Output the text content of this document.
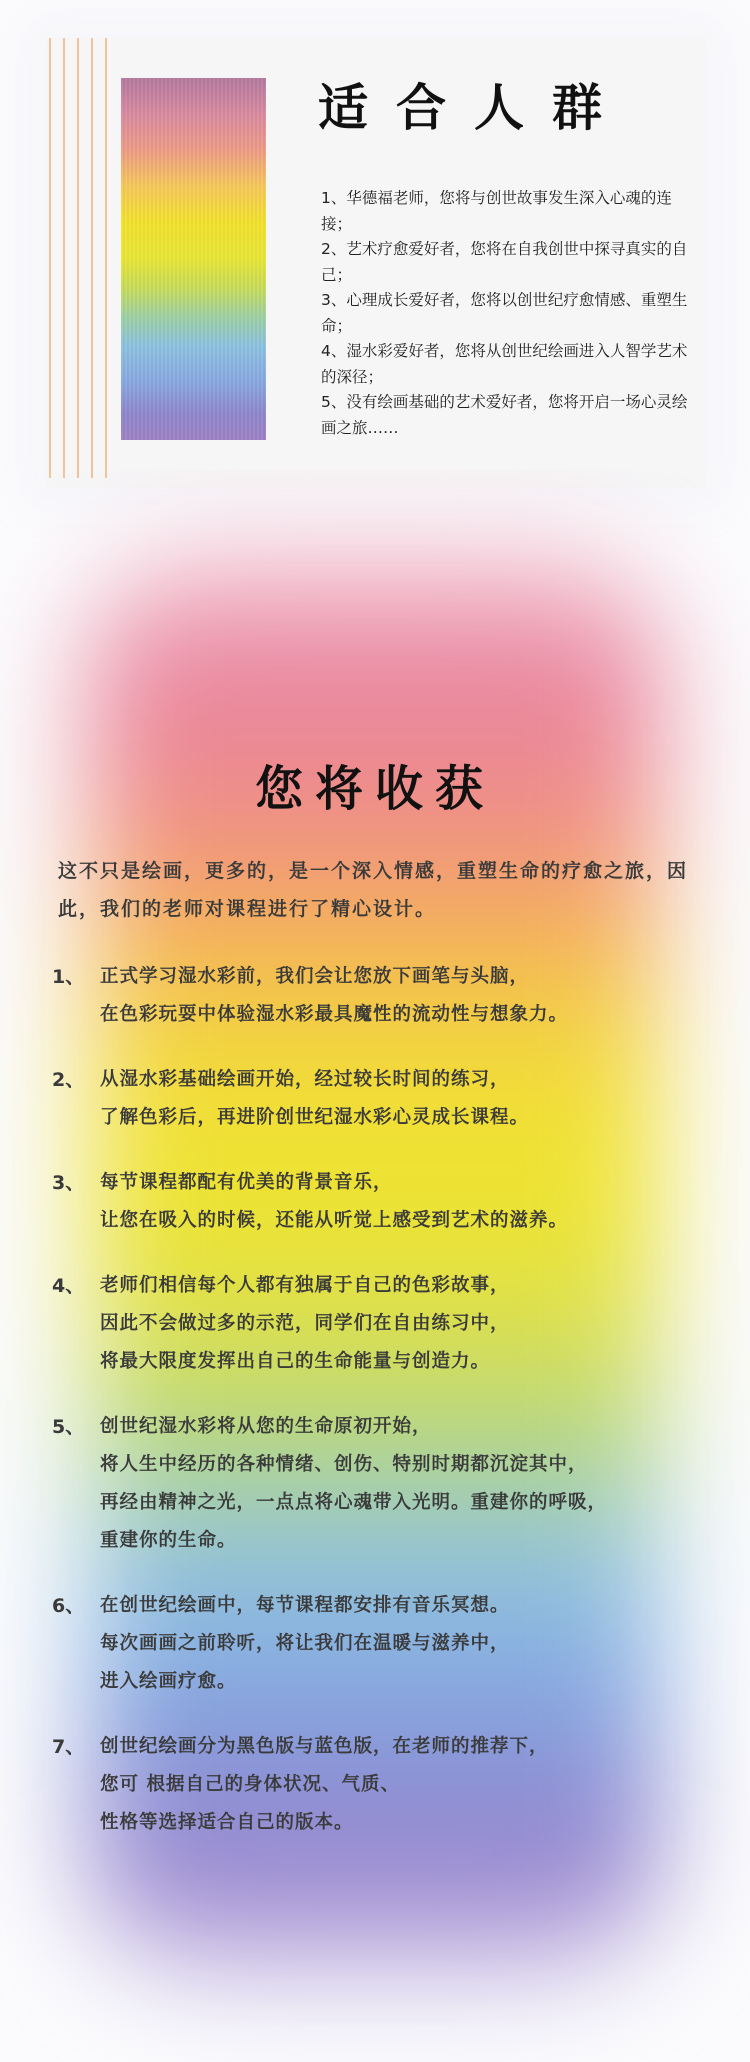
适合人群

1、华德福老师，您将与创世故事发生深入心魂的连接；

2、艺术疗愈爱好者，您将在自我创世中探寻真实的自己；

3、心理成长爱好者，您将以创世纪疗愈情感、重塑生命；

4、湿水彩爱好者，您将从创世纪绘画进入人智学艺术的深径；

5、没有绘画基础的艺术爱好者，您将开启一场心灵绘画之旅……

您将收获
这不只是绘画，更多的，是一个深入情感，重塑生命的疗愈之旅，因此，我们的老师对课程进行了精心设计。
1、 正式学习湿水彩前，我们会让您放下画笔与头脑，
在色彩玩耍中体验湿水彩最具魔性的流动性与想象力。
2、 从湿水彩基础绘画开始，经过较长时间的练习，
了解色彩后，再进阶创世纪湿水彩心灵成长课程。
3、 每节课程都配有优美的背景音乐，
让您在吸入的时候，还能从听觉上感受到艺术的滋养。
4、 老师们相信每个人都有独属于自己的色彩故事，
因此不会做过多的示范，同学们在自由练习中，
将最大限度发挥出自己的生命能量与创造力。
5、 创世纪湿水彩将从您的生命原初开始，
将人生中经历的各种情绪、创伤、特别时期都沉淀其中，
再经由精神之光，一点点将心魂带入光明。重建你的呼吸，
重建你的生命。
6、 在创世纪绘画中，每节课程都安排有音乐冥想。
每次画画之前聆听，将让我们在温暖与滋养中，
进入绘画疗愈。
7、 创世纪绘画分为黑色版与蓝色版，在老师的推荐下，
您可 根据自己的身体状况、气质、
性格等选择适合自己的版本。
